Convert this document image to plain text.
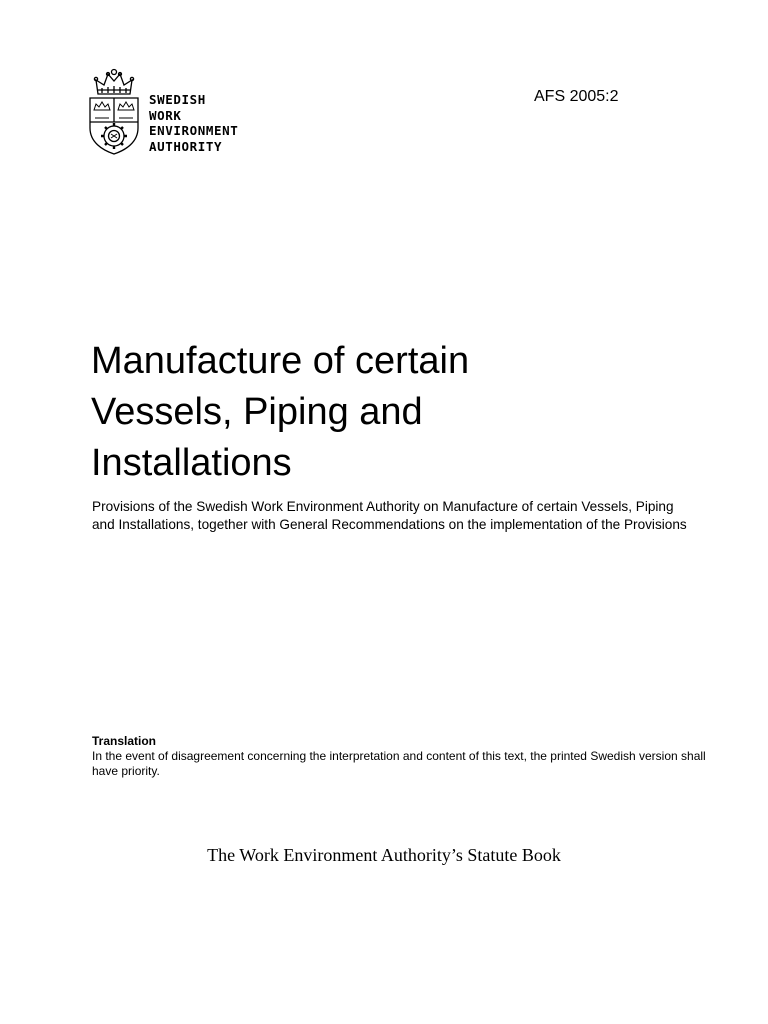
SWEDISH
WORK
ENVIRONMENT
AUTHORITY
AFS 2005:2
Manufacture of certain
Vessels, Piping and
Installations

Provisions of the Swedish Work Environment Authority on Manufacture of certain Vessels, Piping and Installations, together with General Recommendations on the implementation of the Provisions

Translation

In the event of disagreement concerning the interpretation and content of this text, the printed Swedish version shall have priority.

The Work Environment Authority’s Statute Book
